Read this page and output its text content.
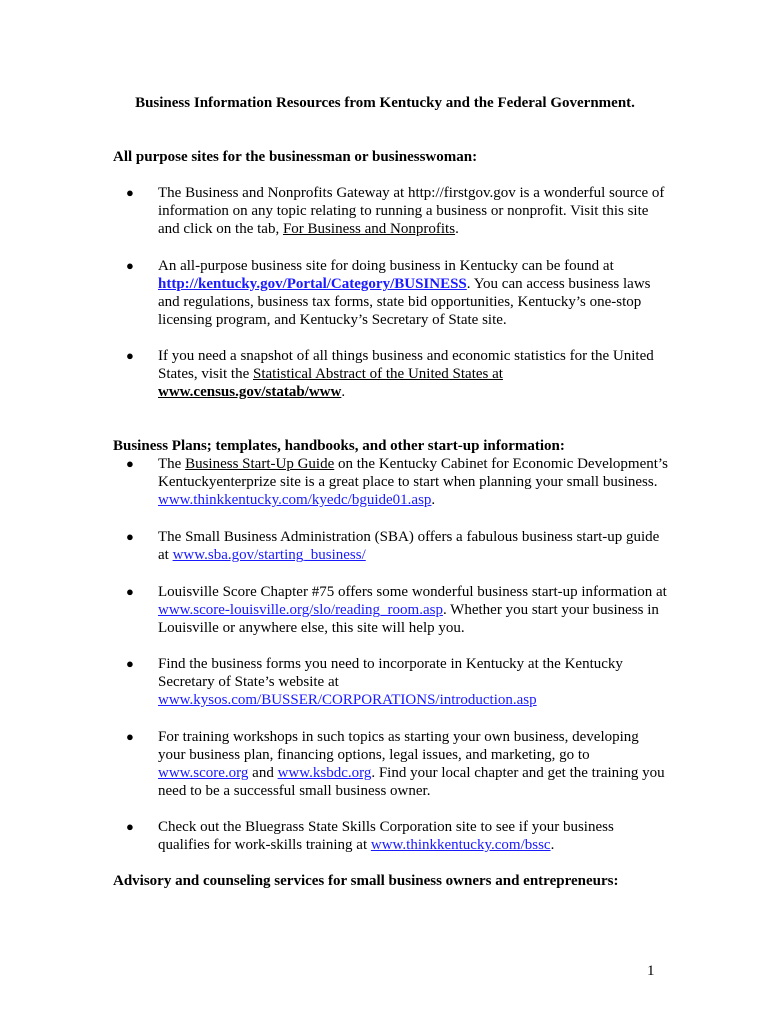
Business Information Resources from Kentucky and the Federal Government.
All purpose sites for the businessman or businesswoman:
● The Business and Nonprofits Gateway at http://firstgov.gov is a wonderful source of information on any topic relating to running a business or nonprofit. Visit this site and click on the tab, For Business and Nonprofits.
● An all-purpose business site for doing business in Kentucky can be found at http://kentucky.gov/Portal/Category/BUSINESS. You can access business laws and regulations, business tax forms, state bid opportunities, Kentucky’s one-stop licensing program, and Kentucky’s Secretary of State site.
● If you need a snapshot of all things business and economic statistics for the United States, visit the Statistical Abstract of the United States at
www.census.gov/statab/www.
Business Plans; templates, handbooks, and other start-up information:
● The Business Start-Up Guide on the Kentucky Cabinet for Economic Development’s Kentuckyenterprize site is a great place to start when planning your small business. www.thinkkentucky.com/kyedc/bguide01.asp.
● The Small Business Administration (SBA) offers a fabulous business start-up guide at www.sba.gov/starting_business/
● Louisville Score Chapter #75 offers some wonderful business start-up information at www.score-louisville.org/slo/reading_room.asp. Whether you start your business in Louisville or anywhere else, this site will help you.
● Find the business forms you need to incorporate in Kentucky at the Kentucky Secretary of State’s website at
www.kysos.com/BUSSER/CORPORATIONS/introduction.asp
● For training workshops in such topics as starting your own business, developing your business plan, financing options, legal issues, and marketing, go to
www.score.org and www.ksbdc.org. Find your local chapter and get the training you need to be a successful small business owner.
● Check out the Bluegrass State Skills Corporation site to see if your business qualifies for work-skills training at www.thinkkentucky.com/bssc.
Advisory and counseling services for small business owners and entrepreneurs:
1
